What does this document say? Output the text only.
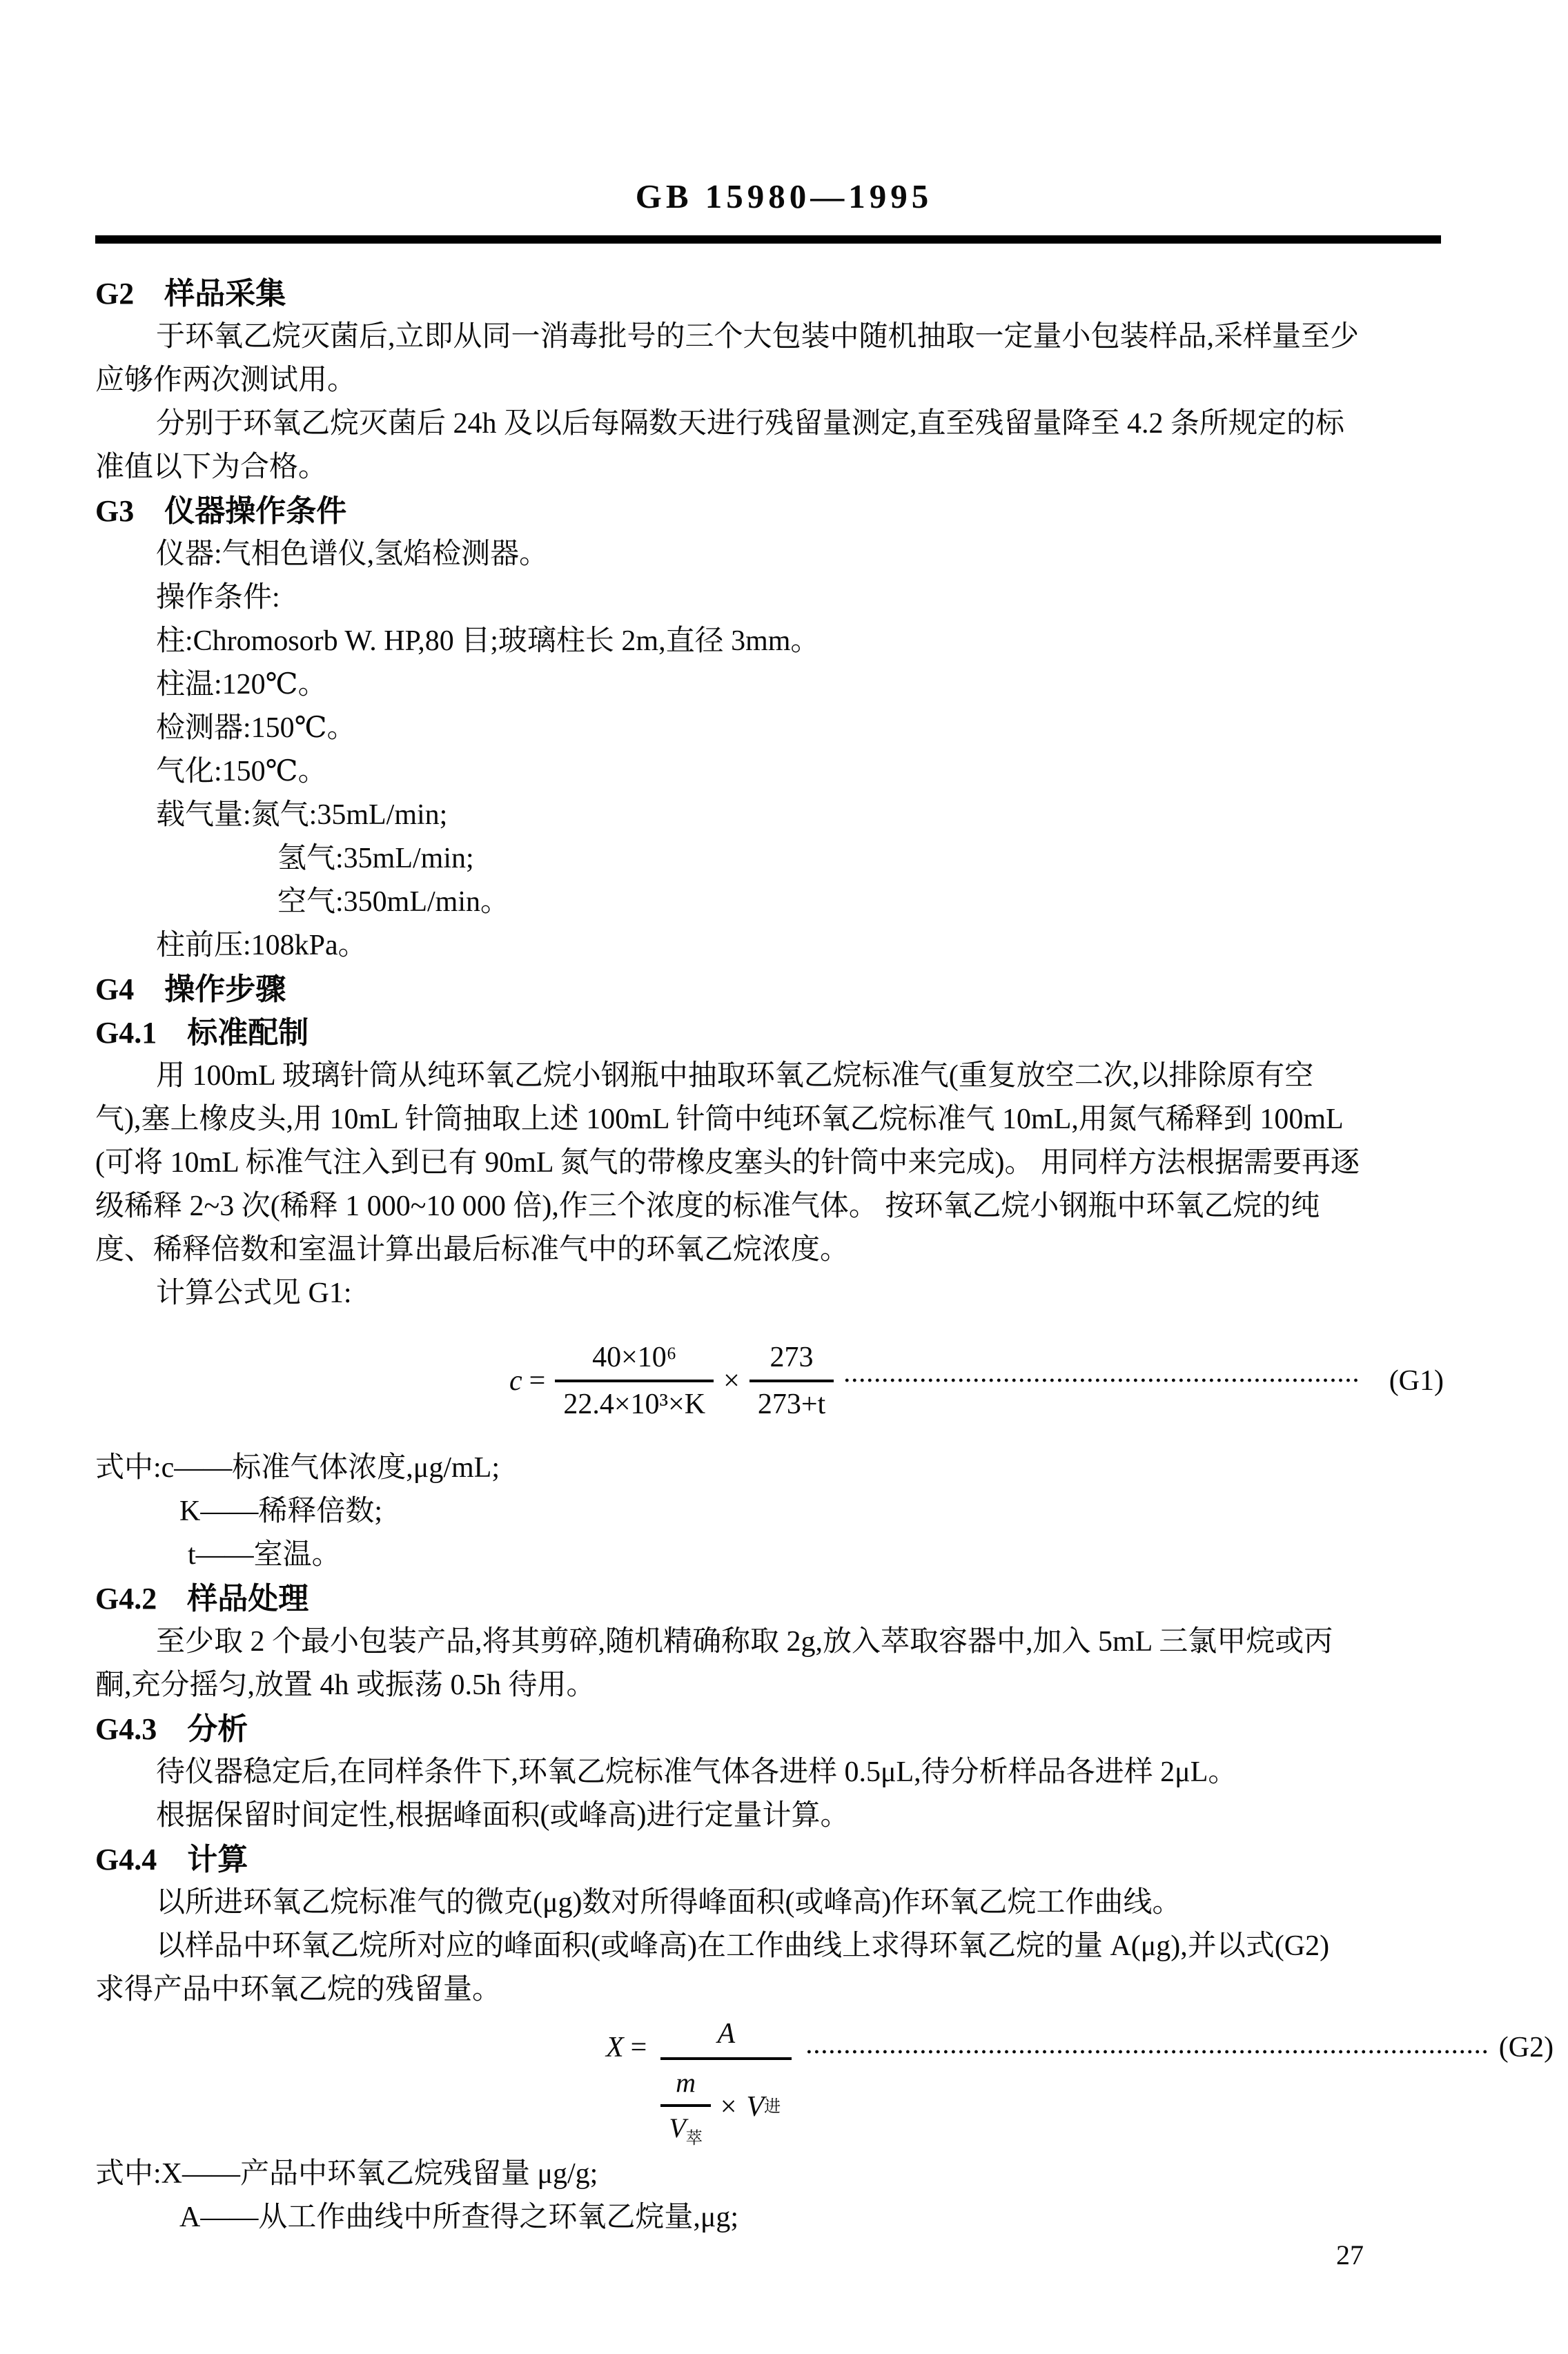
GB 15980—1995
G2　样品采集
于环氧乙烷灭菌后,立即从同一消毒批号的三个大包装中随机抽取一定量小包装样品,采样量至少
应够作两次测试用。
分别于环氧乙烷灭菌后 24h 及以后每隔数天进行残留量测定,直至残留量降至 4.2 条所规定的标
准值以下为合格。
G3　仪器操作条件
仪器:气相色谱仪,氢焰检测器。
操作条件:
柱:Chromosorb W. HP,80 目;玻璃柱长 2m,直径 3mm。
柱温:120℃。
检测器:150℃。
气化:150℃。
载气量:氮气:35mL/min;
氢气:35mL/min;
空气:350mL/min。
柱前压:108kPa。
G4　操作步骤
G4.1　标准配制
用 100mL 玻璃针筒从纯环氧乙烷小钢瓶中抽取环氧乙烷标准气(重复放空二次,以排除原有空
气),塞上橡皮头,用 10mL 针筒抽取上述 100mL 针筒中纯环氧乙烷标准气 10mL,用氮气稀释到 100mL
(可将 10mL 标准气注入到已有 90mL 氮气的带橡皮塞头的针筒中来完成)。 用同样方法根据需要再逐
级稀释 2~3 次(稀释 1 000~10 000 倍),作三个浓度的标准气体。 按环氧乙烷小钢瓶中环氧乙烷的纯
度、稀释倍数和室温计算出最后标准气中的环氧乙烷浓度。
计算公式见 G1:
$c = \frac{\text{40×10⁶}}{\text{22.4×10³×K}} \times \frac{273}{273+t}$ ····································································	(G1)
式中:c——标准气体浓度,μg/mL;
K——稀释倍数;
t——室温。
G4.2　样品处理
至少取 2 个最小包装产品,将其剪碎,随机精确称取 2g,放入萃取容器中,加入 5mL 三氯甲烷或丙
酮,充分摇匀,放置 4h 或振荡 0.5h 待用。
G4.3　分析
待仪器稳定后,在同样条件下,环氧乙烷标准气体各进样 0.5μL,待分析样品各进样 2μL。
根据保留时间定性,根据峰面积(或峰高)进行定量计算。
G4.4　计算
以所进环氧乙烷标准气的微克(μg)数对所得峰面积(或峰高)作环氧乙烷工作曲线。
以样品中环氧乙烷所对应的峰面积(或峰高)在工作曲线上求得环氧乙烷的量 A(μg),并以式(G2)
求得产品中环氧乙烷的残留量。
X =	A
$\frac{m}{V_萃} \times V$ 进
·························································································· (G2)
式中:X——产品中环氧乙烷残留量 μg/g;
A——从工作曲线中所查得之环氧乙烷量,μg;
27
